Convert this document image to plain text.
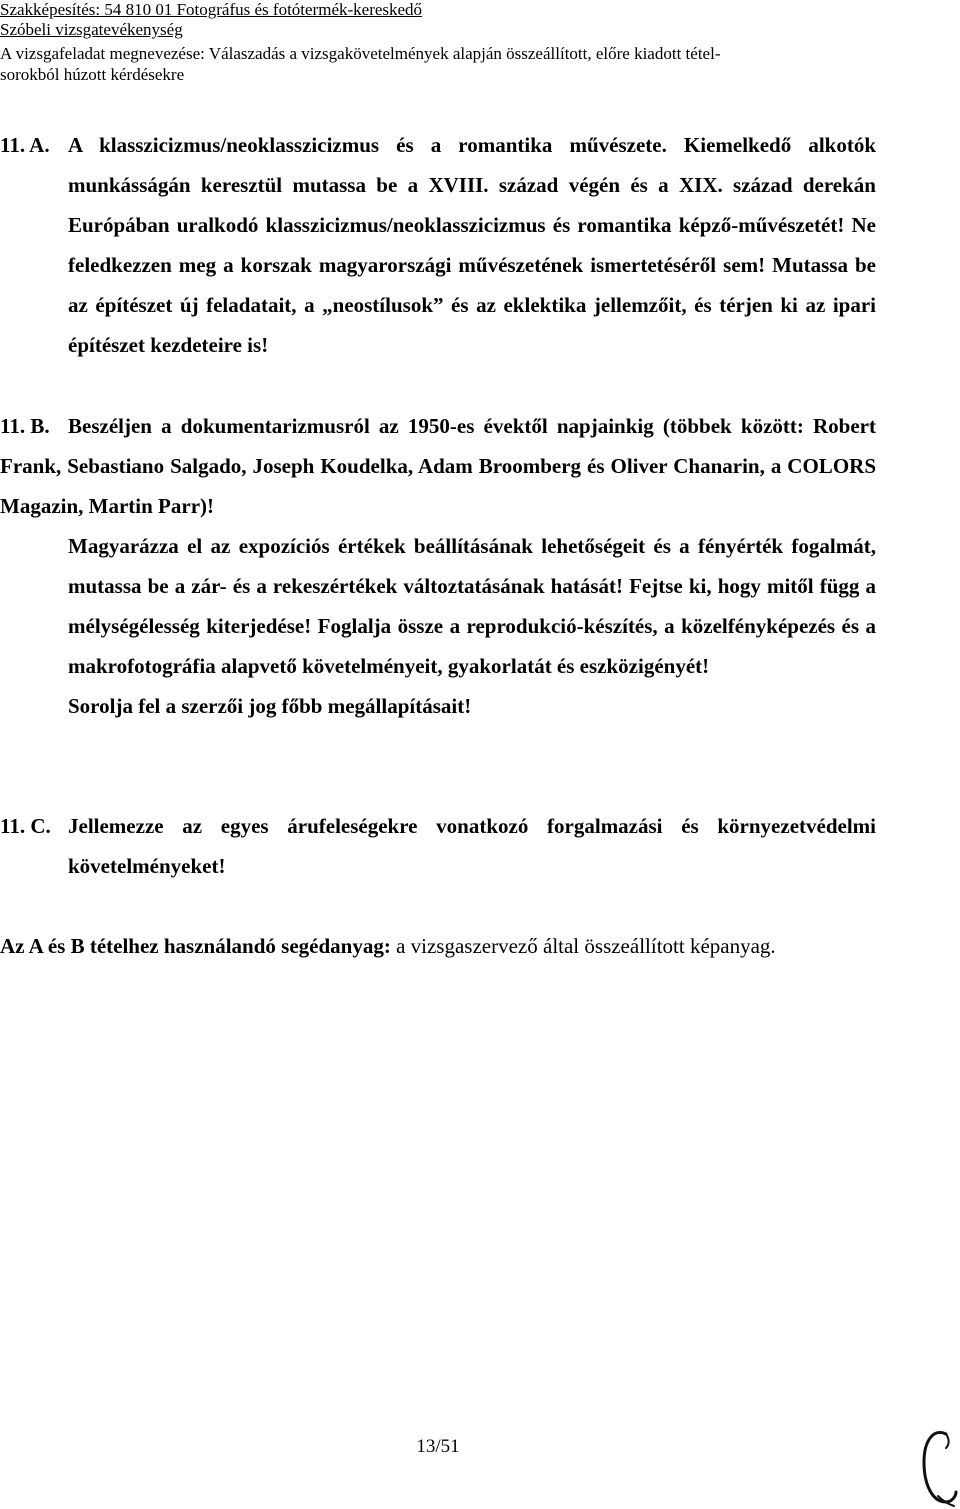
Szakképesítés: 54 810 01 Fotográfus és fotótermék-kereskedő
Szóbeli vizsgatevékenység
A vizsgafeladat megnevezése: Válaszadás a vizsgakövetelmények alapján összeállított, előre kiadott tétel-
sorokból húzott kérdésekre
11. A. A klasszicizmus/neoklasszicizmus és a romantika művészete. Kiemelkedő alkotók munkásságán keresztül mutassa be a XVIII. század végén és a XIX. század derekán Európában uralkodó klasszicizmus/neoklasszicizmus és romantika képző-művészetét! Ne feledkezzen meg a korszak magyarországi művészetének ismertetéséről sem! Mutassa be az építészet új feladatait, a „neostílusok” és az eklektika jellemzőit, és térjen ki az ipari építészet kezdeteire is!

11. B. Beszéljen a dokumentarizmusról az 1950-es évektől napjainkig (többek között: Robert Frank, Sebastiano Salgado, Joseph Koudelka, Adam Broomberg és Oliver Chanarin, a COLORS Magazin, Martin Parr)!

Magyarázza el az expozíciós értékek beállításának lehetőségeit és a fényérték fogalmát, mutassa be a zár- és a rekeszértékek változtatásának hatását! Fejtse ki, hogy mitől függ a mélységélesség kiterjedése! Foglalja össze a reprodukció-készítés, a közelfényképezés és a makrofotográfia alapvető követelményeit, gyakorlatát és eszközigényét!

Sorolja fel a szerzői jog főbb megállapításait!

11. C. Jellemezze az egyes árufeleségekre vonatkozó forgalmazási és környezetvédelmi követelményeket!

Az A és B tételhez használandó segédanyag: a vizsgaszervező által összeállított képanyag.
13/51
